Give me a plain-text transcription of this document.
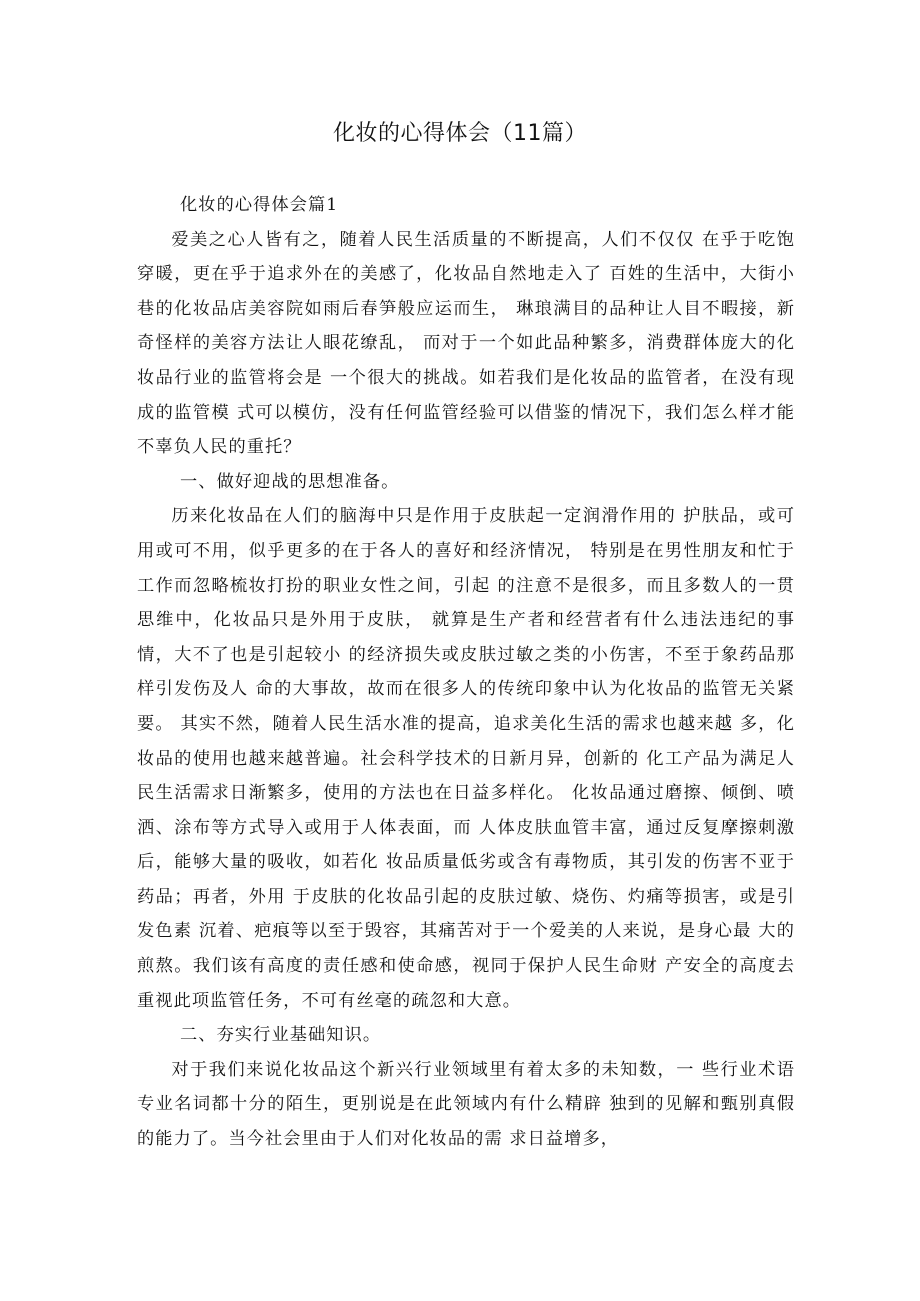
化妆的心得体会（11篇）

化妆的心得体会篇1

爱美之心人皆有之，随着人民生活质量的不断提高，人们不仅仅 在乎于吃饱穿暖，更在乎于追求外在的美感了，化妆品自然地走入了 百姓的生活中，大街小巷的化妆品店美容院如雨后春笋般应运而生， 琳琅满目的品种让人目不暇接，新奇怪样的美容方法让人眼花缭乱， 而对于一个如此品种繁多，消费群体庞大的化妆品行业的监管将会是 一个很大的挑战。如若我们是化妆品的监管者，在没有现成的监管模 式可以模仿，没有任何监管经验可以借鉴的情况下，我们怎么样才能 不辜负人民的重托？

一、做好迎战的思想准备。

历来化妆品在人们的脑海中只是作用于皮肤起一定润滑作用的 护肤品，或可用或可不用，似乎更多的在于各人的喜好和经济情况， 特别是在男性朋友和忙于工作而忽略梳妆打扮的职业女性之间，引起 的注意不是很多，而且多数人的一贯思维中，化妆品只是外用于皮肤， 就算是生产者和经营者有什么违法违纪的事情，大不了也是引起较小 的经济损失或皮肤过敏之类的小伤害，不至于象药品那样引发伤及人 命的大事故，故而在很多人的传统印象中认为化妆品的监管无关紧要。 其实不然，随着人民生活水准的提高，追求美化生活的需求也越来越 多，化妆品的使用也越来越普遍。社会科学技术的日新月异，创新的 化工产品为满足人民生活需求日渐繁多，使用的方法也在日益多样化。 化妆品通过磨擦、倾倒、喷洒、涂布等方式导入或用于人体表面，而 人体皮肤血管丰富，通过反复摩擦刺激后，能够大量的吸收，如若化 妆品质量低劣或含有毒物质，其引发的伤害不亚于药品；再者，外用 于皮肤的化妆品引起的皮肤过敏、烧伤、灼痛等损害，或是引发色素 沉着、疤痕等以至于毁容，其痛苦对于一个爱美的人来说，是身心最 大的煎熬。我们该有高度的责任感和使命感，视同于保护人民生命财 产安全的高度去重视此项监管任务，不可有丝毫的疏忽和大意。

二、夯实行业基础知识。

对于我们来说化妆品这个新兴行业领域里有着太多的未知数，一 些行业术语专业名词都十分的陌生，更别说是在此领域内有什么精辟 独到的见解和甄别真假的能力了。当今社会里由于人们对化妆品的需 求日益增多，
